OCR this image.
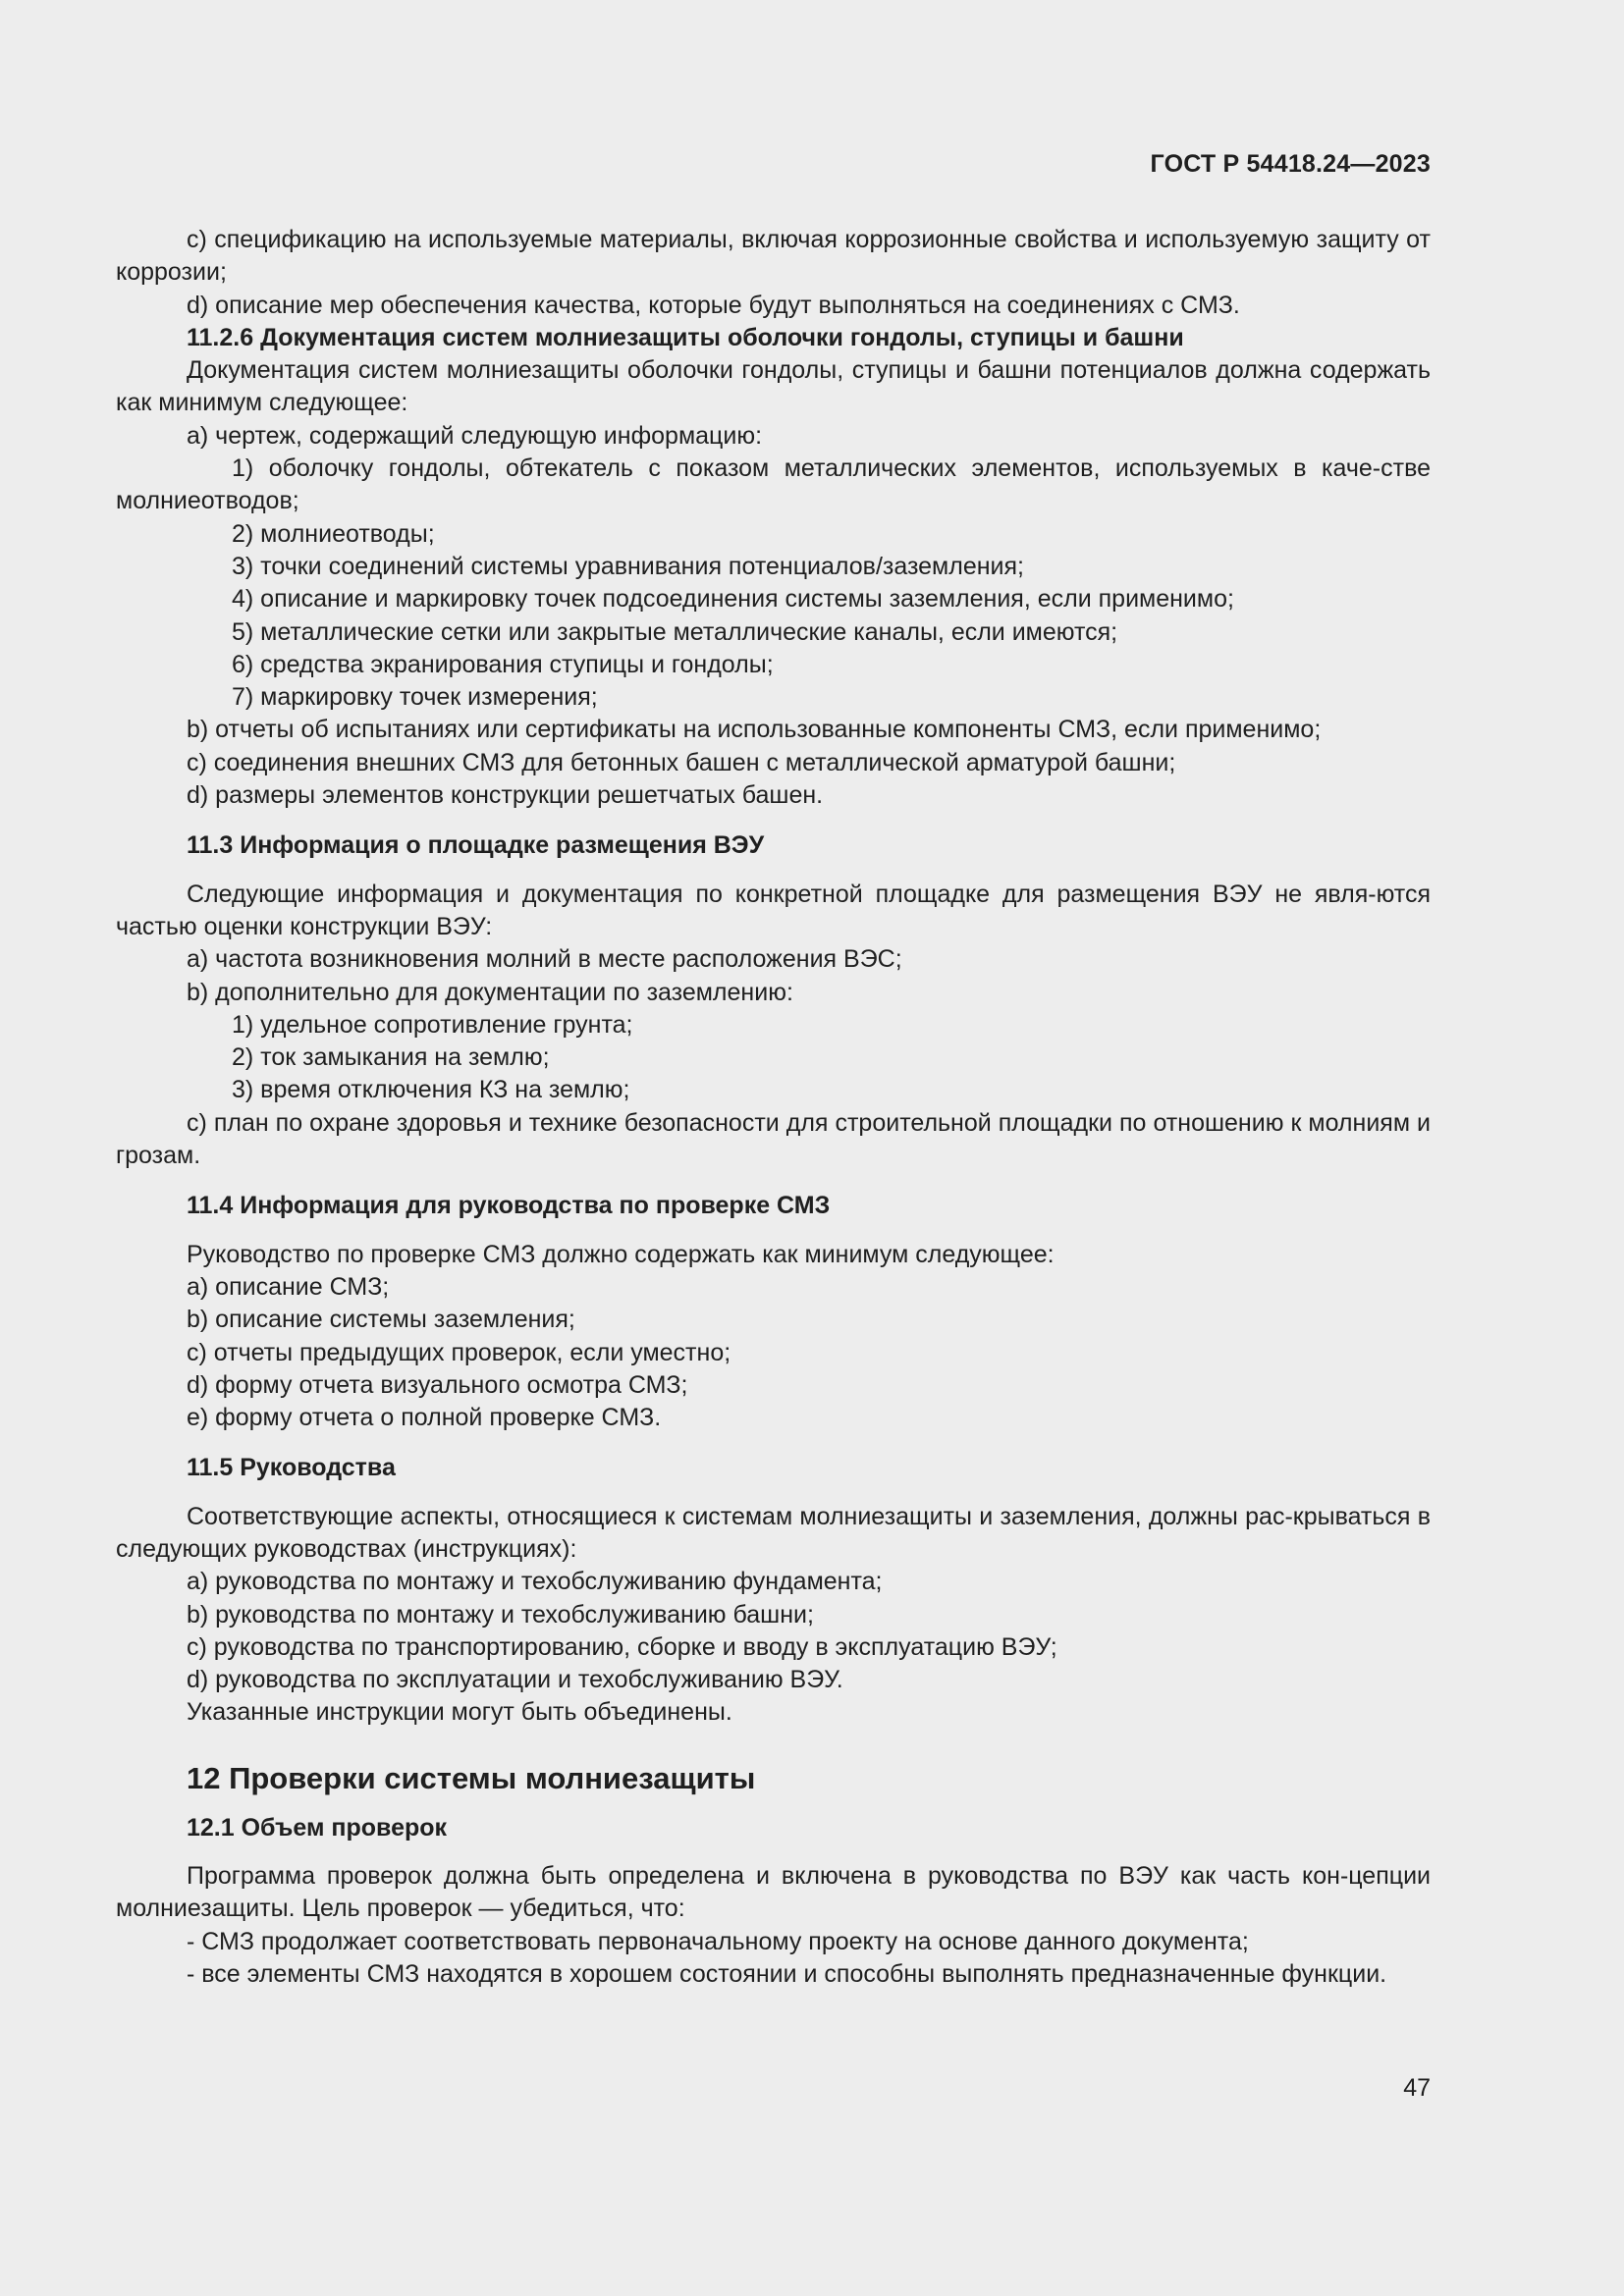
ГОСТ Р 54418.24—2023

c) спецификацию на используемые материалы, включая коррозионные свойства и используемую защиту от коррозии;

d) описание мер обеспечения качества, которые будут выполняться на соединениях с СМЗ.

11.2.6 Документация систем молниезащиты оболочки гондолы, ступицы и башни

Документация систем молниезащиты оболочки гондолы, ступицы и башни потенциалов должна содержать как минимум следующее:

а) чертеж, содержащий следующую информацию:

1) оболочку гондолы, обтекатель с показом металлических элементов, используемых в каче-стве молниеотводов;

2) молниеотводы;

3) точки соединений системы уравнивания потенциалов/заземления;

4) описание и маркировку точек подсоединения системы заземления, если применимо;

5) металлические сетки или закрытые металлические каналы, если имеются;

6) средства экранирования ступицы и гондолы;

7) маркировку точек измерения;

b) отчеты об испытаниях или сертификаты на использованные компоненты СМЗ, если применимо;

c) соединения внешних СМЗ для бетонных башен с металлической арматурой башни;

d) размеры элементов конструкции решетчатых башен.

11.3 Информация о площадке размещения ВЭУ

Следующие информация и документация по конкретной площадке для размещения ВЭУ не явля-ются частью оценки конструкции ВЭУ:

а) частота возникновения молний в месте расположения ВЭС;

b) дополнительно для документации по заземлению:

1) удельное сопротивление грунта;

2) ток замыкания на землю;

3) время отключения КЗ на землю;

c) план по охране здоровья и технике безопасности для строительной площадки по отношению к молниям и грозам.

11.4 Информация для руководства по проверке СМЗ

Руководство по проверке СМЗ должно содержать как минимум следующее:

а) описание СМЗ;

b) описание системы заземления;

c) отчеты предыдущих проверок, если уместно;

d) форму отчета визуального осмотра СМЗ;

e) форму отчета о полной проверке СМЗ.

11.5 Руководства

Соответствующие аспекты, относящиеся к системам молниезащиты и заземления, должны рас-крываться в следующих руководствах (инструкциях):

а) руководства по монтажу и техобслуживанию фундамента;

b) руководства по монтажу и техобслуживанию башни;

c) руководства по транспортированию, сборке и вводу в эксплуатацию ВЭУ;

d) руководства по эксплуатации и техобслуживанию ВЭУ.

Указанные инструкции могут быть объединены.

12 Проверки системы молниезащиты

12.1 Объем проверок

Программа проверок должна быть определена и включена в руководства по ВЭУ как часть кон-цепции молниезащиты. Цель проверок — убедиться, что:

- СМЗ продолжает соответствовать первоначальному проекту на основе данного документа;

- все элементы СМЗ находятся в хорошем состоянии и способны выполнять предназначенные функции.

47
